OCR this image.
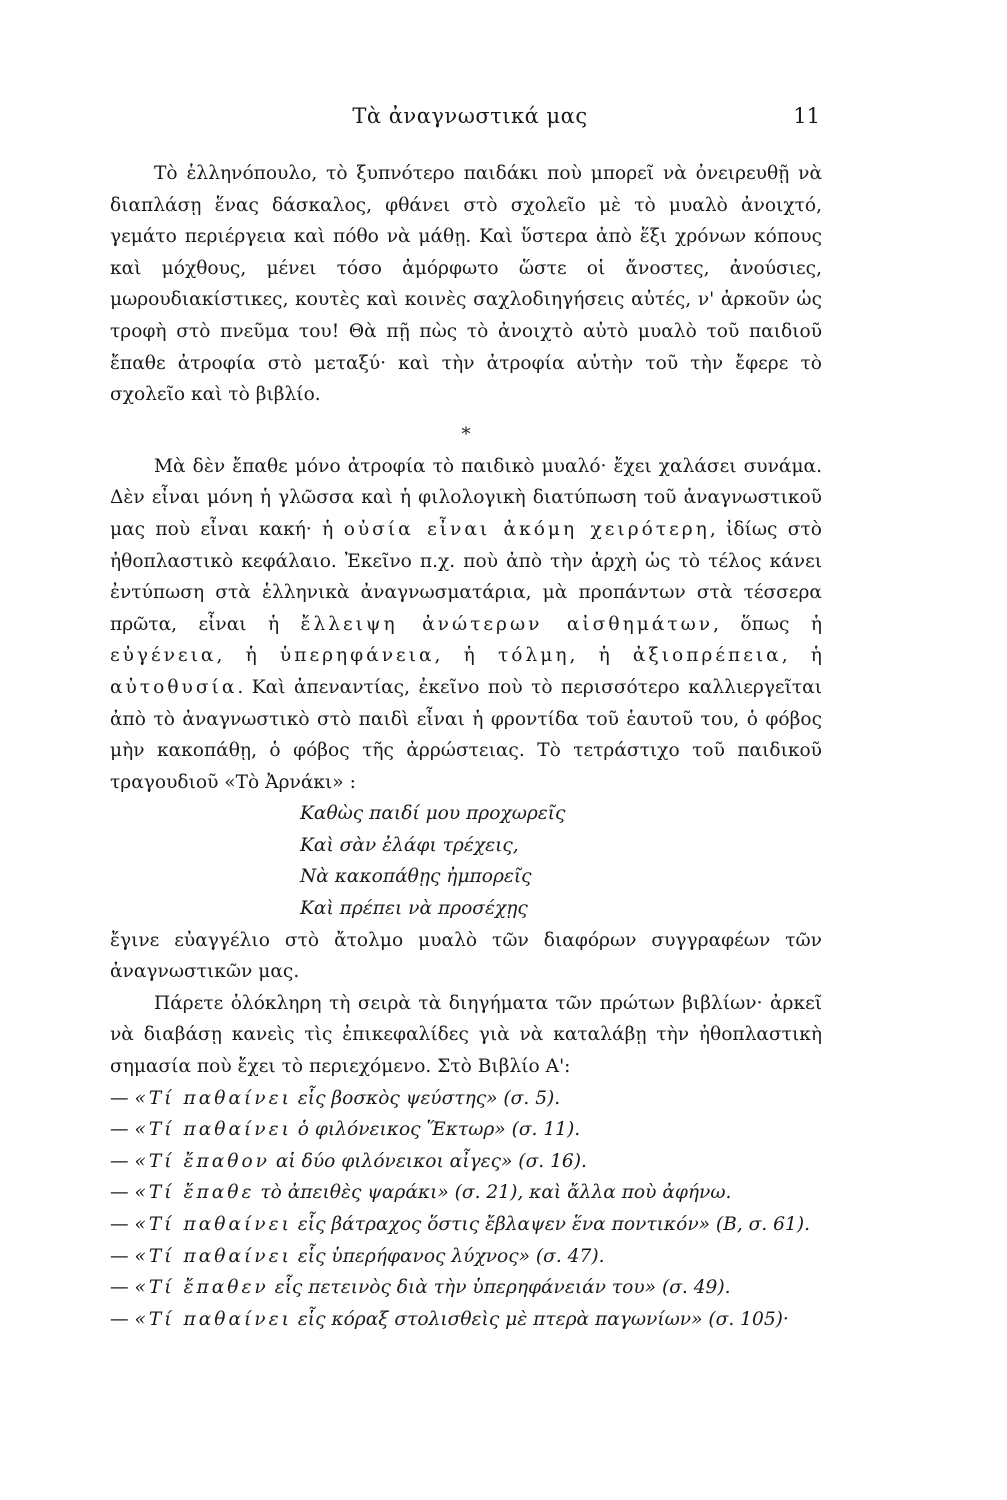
Τὰ ἀναγνωστικά μας	11

Τὸ ἑλληνόπουλο, τὸ ξυπνότερο παιδάκι ποὺ μπορεῖ νὰ ὀνειρευθῇ νὰ διαπλάσῃ ἕνας δάσκαλος, φθάνει στὸ σχολεῖο μὲ τὸ μυαλὸ ἀνοιχτό, γεμάτο περιέργεια καὶ πόθο νὰ μάθῃ. Καὶ ὕστερα ἀπὸ ἕξι χρόνων κόπους καὶ μόχθους, μένει τόσο ἀμόρφωτο ὥστε οἱ ἄνοστες, ἀνούσιες, μωρουδιακίστικες, κουτὲς καὶ κοινὲς σαχλοδιηγήσεις αὐτές, ν' ἀρκοῦν ὡς τροφὴ στὸ πνεῦμα του! Θὰ πῇ πὼς τὸ ἀνοιχτὸ αὐτὸ μυαλὸ τοῦ παιδιοῦ ἔπαθε ἀτροφία στὸ μεταξύ· καὶ τὴν ἀτροφία αὐτὴν τοῦ τὴν ἔφερε τὸ σχολεῖο καὶ τὸ βιβλίο.

*

Μὰ δὲν ἔπαθε μόνο ἀτροφία τὸ παιδικὸ μυαλό· ἔχει χαλάσει συνάμα. Δὲν εἶναι μόνη ἡ γλῶσσα καὶ ἡ φιλολογικὴ διατύπωση τοῦ ἀναγνωστικοῦ μας ποὺ εἶναι κακή· ἡ οὐσία εἶναι ἀκόμη χειρότερη, ἰδίως στὸ ἠθοπλαστικὸ κεφάλαιο. Ἐκεῖνο π.χ. ποὺ ἀπὸ τὴν ἀρχὴ ὡς τὸ τέλος κάνει ἐντύπωση στὰ ἑλληνικὰ ἀναγνωσματάρια, μὰ προπάντων στὰ τέσσερα πρῶτα, εἶναι ἡ ἔλλειψη ἀνώτερων αἰσθημάτων, ὅπως ἡ εὐγένεια, ἡ ὑπερηφάνεια, ἡ τόλμη, ἡ ἀξιοπρέπεια, ἡ αὐτοθυσία. Καὶ ἀπεναντίας, ἐκεῖνο ποὺ τὸ περισσότερο καλλιεργεῖται ἀπὸ τὸ ἀναγνωστικὸ στὸ παιδὶ εἶναι ἡ φροντίδα τοῦ ἑαυτοῦ του, ὁ φόβος μὴν κακοπάθῃ, ὁ φόβος τῆς ἀρρώστειας. Τὸ τετράστιχο τοῦ παιδικοῦ τραγουδιοῦ «Τὸ Ἀρνάκι» :

Καθὼς παιδί μου προχωρεῖς
Καὶ σὰν ἐλάφι τρέχεις,
Νὰ κακοπάθῃς ἠμπορεῖς
Καὶ πρέπει νὰ προσέχῃς

ἔγινε εὐαγγέλιο στὸ ἄτολμο μυαλὸ τῶν διαφόρων συγγραφέων τῶν ἀναγνωστικῶν μας.

Πάρετε ὁλόκληρη τὴ σειρὰ τὰ διηγήματα τῶν πρώτων βιβλίων· ἀρκεῖ νὰ διαβάσῃ κανεὶς τὶς ἐπικεφαλίδες γιὰ νὰ καταλάβῃ τὴν ἠθοπλαστικὴ σημασία ποὺ ἔχει τὸ περιεχόμενο. Στὸ Βιβλίο Α':

— «Τί παθαίνει εἷς βοσκὸς ψεύστης» (σ. 5).

— «Τί παθαίνει ὁ φιλόνεικος Ἕκτωρ» (σ. 11).

— «Τί ἔπαθον αἱ δύο φιλόνεικοι αἶγες» (σ. 16).

— «Τί ἔπαθε τὸ ἀπειθὲς ψαράκι» (σ. 21), καὶ ἄλλα ποὺ ἀφήνω.

— «Τί παθαίνει εἷς βάτραχος ὅστις ἔβλαψεν ἕνα ποντικόν» (Β, σ. 61).

— «Τί παθαίνει εἷς ὑπερήφανος λύχνος» (σ. 47).

— «Τί ἔπαθεν εἷς πετεινὸς διὰ τὴν ὑπερηφάνειάν του» (σ. 49).

— «Τί παθαίνει εἷς κόραξ στολισθεὶς μὲ πτερὰ παγωνίων» (σ. 105)·
